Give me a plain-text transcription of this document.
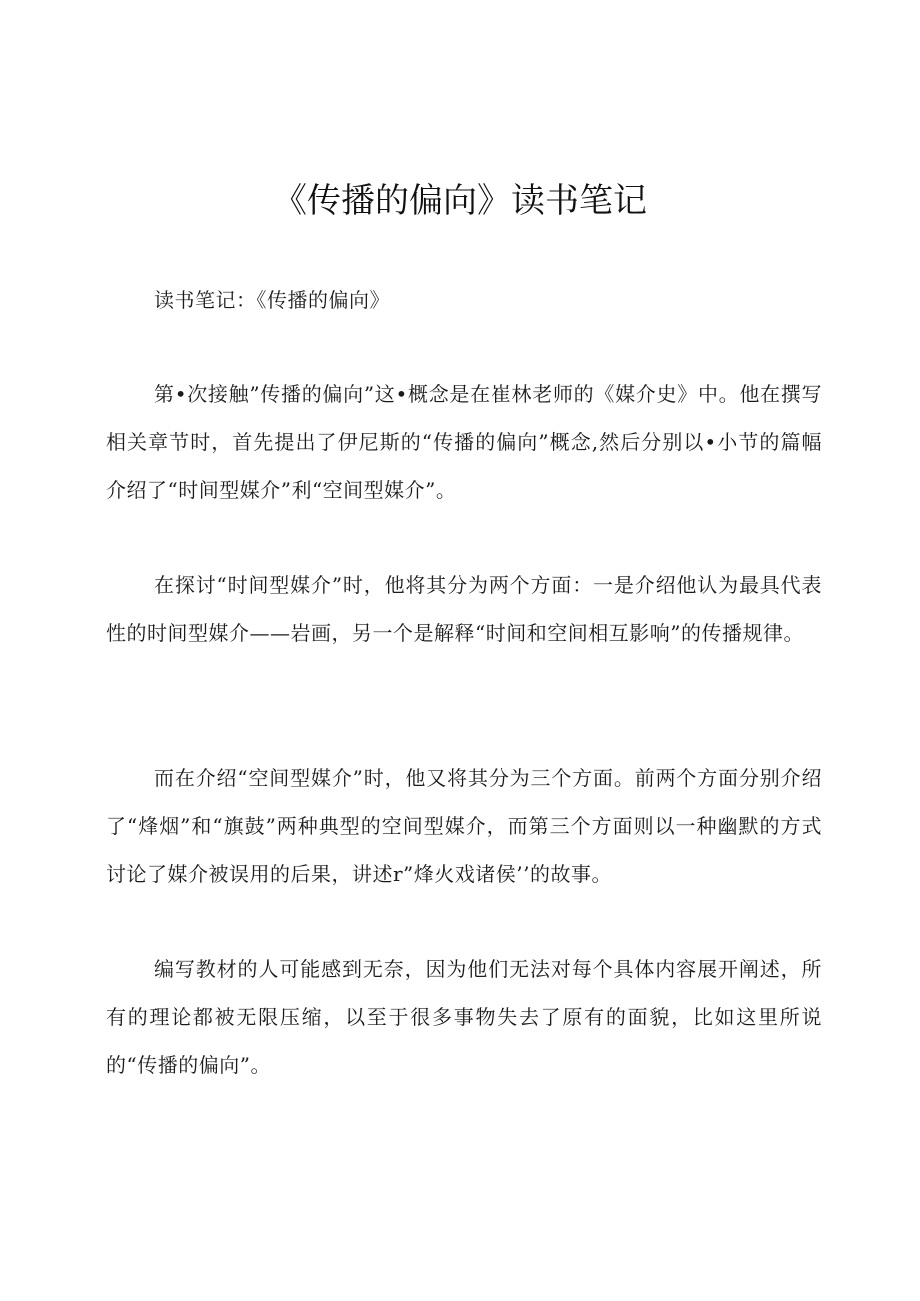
《传播的偏向》读书笔记

读书笔记：《传播的偏向》

第•次接触”传播的偏向”这•概念是在崔林老师的《媒介史》中。他在撰写相关章节时，首先提出了伊尼斯的“传播的偏向”概念,然后分别以•小节的篇幅介绍了“时间型媒介”利“空间型媒介”。

在探讨“时间型媒介”时，他将其分为两个方面：一是介绍他认为最具代表性的时间型媒介——岩画，另一个是解释“时间和空间相互影响”的传播规律。

而在介绍“空间型媒介”时，他又将其分为三个方面。前两个方面分别介绍了“烽烟”和“旗鼓”两种典型的空间型媒介，而第三个方面则以一种幽默的方式讨论了媒介被误用的后果，讲述r”烽火戏诸侯’’的故事。

编写教材的人可能感到无奈，因为他们无法对每个具体内容展开阐述，所有的理论都被无限压缩，以至于很多事物失去了原有的面貌，比如这里所说的“传播的偏向”。
